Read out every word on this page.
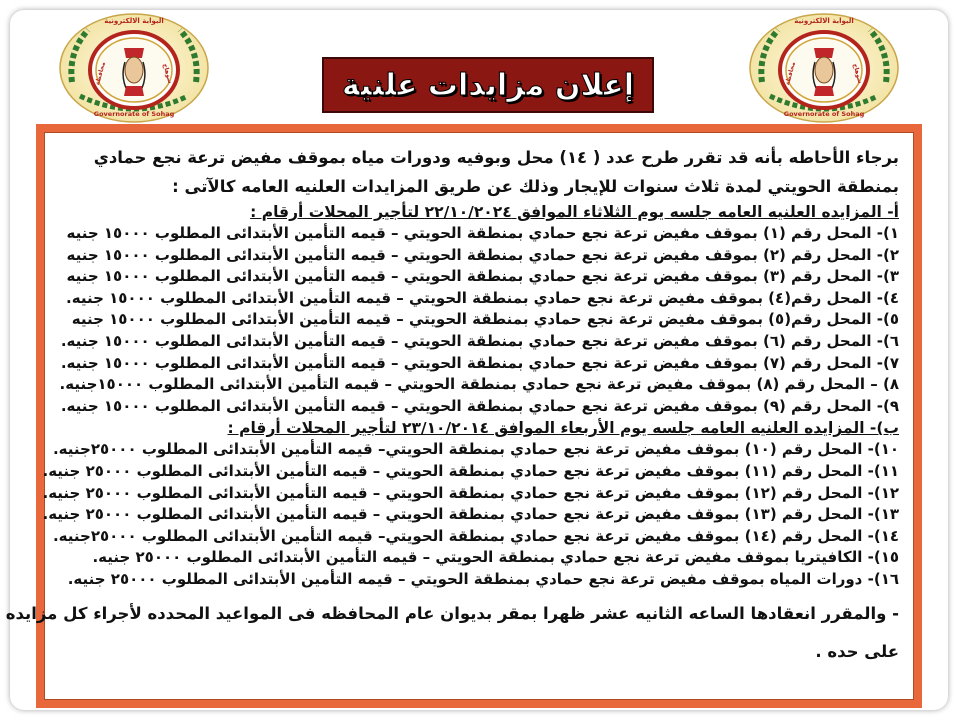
البوابة الالكترونية
محافظة	سوهاج
Governorate of Sohag
البوابة الالكترونية
محافظة	سوهاج
Governorate of Sohag
إعلان مزايدات علنية
برجاء الأحاطه بأنه قد تقرر طرح عدد ( ١٤) محل وبوفيه ودورات مياه بموقف مفيض ترعة نجع حمادي
بمنطقة الحويتي لمدة ثلاث سنوات للإيجار وذلك عن طريق المزايدات العلنيه العامه كالآتى :
أ- المزايده العلنيه العامه جلسه يوم الثلاثاء الموافق ٢٢/١٠/٢٠٢٤ لتأجير المحلات أرقام :
١)- المحل رقم (١) بموقف مفيض ترعة نجع حمادي بمنطقة الحويتي – قيمه التأمين الأبتدائى المطلوب ١٥٠٠٠ جنيه
٢)- المحل رقم (٢) بموقف مفيض ترعة نجع حمادي بمنطقة الحويتي – قيمه التأمين الأبتدائى المطلوب ١٥٠٠٠ جنيه
٣)- المحل رقم (٣) بموقف مفيض ترعة نجع حمادي بمنطقة الحويتي – قيمه التأمين الأبتدائى المطلوب ١٥٠٠٠ جنيه
٤)- المحل رقم(٤) بموقف مفيض ترعة نجع حمادي بمنطقة الحويتي – قيمه التأمين الأبتدائى المطلوب ١٥٠٠٠ جنيه.
٥)- المحل رقم(٥) بموقف مفيض ترعة نجع حمادي بمنطقة الحويتي – قيمه التأمين الأبتدائى المطلوب ١٥٠٠٠ جنيه
٦)- المحل رقم (٦) بموقف مفيض ترعة نجع حمادي بمنطقة الحويتي – قيمه التأمين الأبتدائى المطلوب ١٥٠٠٠ جنيه.
٧)- المحل رقم (٧) بموقف مفيض ترعة نجع حمادي بمنطقة الحويتي – قيمه التأمين الأبتدائى المطلوب ١٥٠٠٠ جنيه.
٨) – المحل رقم (٨) بموقف مفيض ترعة نجع حمادي بمنطقة الحويتي – قيمه التأمين الأبتدائى المطلوب ١٥٠٠٠جنيه.
٩)- المحل رقم (٩) بموقف مفيض ترعة نجع حمادي بمنطقة الحويتي – قيمه التأمين الأبتدائى المطلوب ١٥٠٠٠ جنيه.
ب)- المزايده العلنيه العامه جلسه يوم الأربعاء الموافق ٢٣/١٠/٢٠١٤ لتأجير المحلات أرقام :
١٠)- المحل رقم (١٠) بموقف مفيض ترعة نجع حمادي بمنطقة الحويتي– قيمه التأمين الأبتدائى المطلوب ٢٥٠٠٠جنيه.
١١)- المحل رقم (١١) بموقف مفيض ترعة نجع حمادي بمنطقة الحويتي – قيمه التأمين الأبتدائى المطلوب ٢٥٠٠٠ جنيه.
١٢)- المحل رقم (١٢) بموقف مفيض ترعة نجع حمادي بمنطقة الحويتي – قيمه التأمين الأبتدائى المطلوب ٢٥٠٠٠ جنيه.
١٣)- المحل رقم (١٣) بموقف مفيض ترعة نجع حمادي بمنطقة الحويتي – قيمه التأمين الأبتدائى المطلوب ٢٥٠٠٠ جنيه.
١٤)- المحل رقم (١٤) بموقف مفيض ترعة نجع حمادي بمنطقة الحويتي– قيمه التأمين الأبتدائى المطلوب ٢٥٠٠٠جنيه.
١٥)- الكافيتريا بموقف مفيض ترعة نجع حمادي بمنطقة الحويتي – قيمه التأمين الأبتدائى المطلوب ٢٥٠٠٠ جنيه.
١٦)- دورات المياه بموقف مفيض ترعة نجع حمادي بمنطقة الحويتي – قيمه التأمين الأبتدائى المطلوب ٢٥٠٠٠ جنيه.
- والمقرر انعقادها الساعه الثانيه عشر ظهرا بمقر بديوان عام المحافظه فى المواعيد المحدده لأجراء كل مزايده
على حده .
